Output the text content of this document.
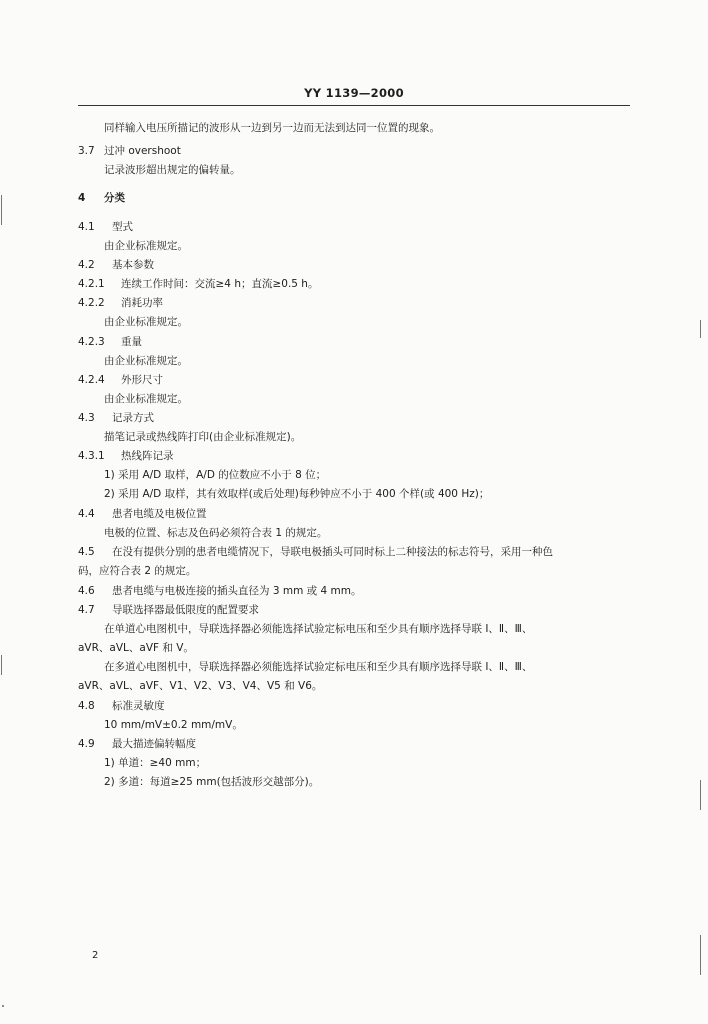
YY 1139—2000
同样输入电压所描记的波形从一边到另一边而无法到达同一位置的现象。
3.7 过冲 overshoot
记录波形超出规定的偏转量。
4 分类
4.1 型式
由企业标准规定。
4.2 基本参数
4.2.1 连续工作时间：交流≥4 h；直流≥0.5 h。
4.2.2 消耗功率
由企业标准规定。
4.2.3 重量
由企业标准规定。
4.2.4 外形尺寸
由企业标准规定。
4.3 记录方式
描笔记录或热线阵打印(由企业标准规定)。
4.3.1 热线阵记录
1) 采用 A/D 取样，A/D 的位数应不小于 8 位；
2) 采用 A/D 取样，其有效取样(或后处理)每秒钟应不小于 400 个样(或 400 Hz)；
4.4 患者电缆及电极位置
电极的位置、标志及色码必须符合表 1 的规定。
4.5 在没有提供分别的患者电缆情况下，导联电极插头可同时标上二种接法的标志符号，采用一种色
码，应符合表 2 的规定。
4.6 患者电缆与电极连接的插头直径为 3 mm 或 4 mm。
4.7 导联选择器最低限度的配置要求
在单道心电图机中，导联选择器必须能选择试验定标电压和至少具有顺序选择导联 Ⅰ、Ⅱ、Ⅲ、
aVR、aVL、aVF 和 V。
在多道心电图机中，导联选择器必须能选择试验定标电压和至少具有顺序选择导联 Ⅰ、Ⅱ、Ⅲ、
aVR、aVL、aVF、V1、V2、V3、V4、V5 和 V6。
4.8 标准灵敏度
10 mm/mV±0.2 mm/mV。
4.9 最大描迹偏转幅度
1) 单道：≥40 mm；
2) 多道：每道≥25 mm(包括波形交越部分)。
2
